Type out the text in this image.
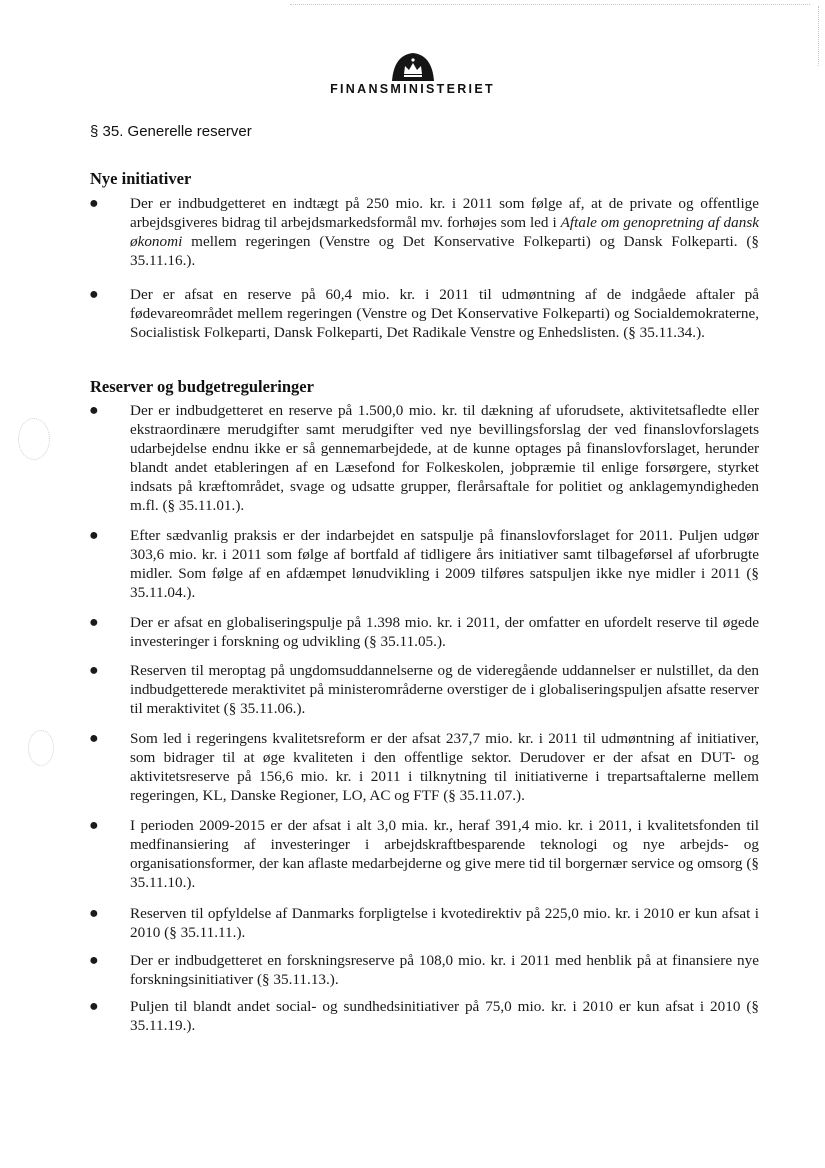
FINANSMINISTERIET
§ 35. Generelle reserver
Nye initiativer
● Der er indbudgetteret en indtægt på 250 mio. kr. i 2011 som følge af, at de private og offentlige arbejdsgiveres bidrag til arbejdsmarkedsformål mv. forhøjes som led i Aftale om genopretning af dansk økonomi mellem regeringen (Venstre og Det Konservative Folkeparti) og Dansk Folkeparti. (§ 35.11.16.).
● Der er afsat en reserve på 60,4 mio. kr. i 2011 til udmøntning af de indgåede aftaler på fødevareområdet mellem regeringen (Venstre og Det Konservative Folkeparti) og Socialdemokraterne, Socialistisk Folkeparti, Dansk Folkeparti, Det Radikale Venstre og Enhedslisten. (§ 35.11.34.).
Reserver og budgetreguleringer
● Der er indbudgetteret en reserve på 1.500,0 mio. kr. til dækning af uforudsete, aktivitetsafledte eller ekstraordinære merudgifter samt merudgifter ved nye bevillingsforslag der ved finanslovforslagets udarbejdelse endnu ikke er så gennemarbejdede, at de kunne optages på finanslovforslaget, herunder blandt andet etableringen af en Læsefond for Folkeskolen, jobpræmie til enlige forsørgere, styrket indsats på kræftområdet, svage og udsatte grupper, flerårsaftale for politiet og anklagemyndigheden m.fl. (§ 35.11.01.).
● Efter sædvanlig praksis er der indarbejdet en satspulje på finanslovforslaget for 2011. Puljen udgør 303,6 mio. kr. i 2011 som følge af bortfald af tidligere års initiativer samt tilbageførsel af uforbrugte midler. Som følge af en afdæmpet lønudvikling i 2009 tilføres satspuljen ikke nye midler i 2011 (§ 35.11.04.).
● Der er afsat en globaliseringspulje på 1.398 mio. kr. i 2011, der omfatter en ufordelt reserve til øgede investeringer i forskning og udvikling (§ 35.11.05.).
● Reserven til meroptag på ungdomsuddannelserne og de videregående uddannelser er nulstillet, da den indbudgetterede meraktivitet på ministerområderne overstiger de i globaliseringspuljen afsatte reserver til meraktivitet (§ 35.11.06.).
● Som led i regeringens kvalitetsreform er der afsat 237,7 mio. kr. i 2011 til udmøntning af initiativer, som bidrager til at øge kvaliteten i den offentlige sektor. Derudover er der afsat en DUT- og aktivitetsreserve på 156,6 mio. kr. i 2011 i tilknytning til initiativerne i trepartsaftalerne mellem regeringen, KL, Danske Regioner, LO, AC og FTF (§ 35.11.07.).
● I perioden 2009-2015 er der afsat i alt 3,0 mia. kr., heraf 391,4 mio. kr. i 2011, i kvalitetsfonden til medfinansiering af investeringer i arbejdskraftbesparende teknologi og nye arbejds- og organisationsformer, der kan aflaste medarbejderne og give mere tid til borgernær service og omsorg (§ 35.11.10.).
● Reserven til opfyldelse af Danmarks forpligtelse i kvotedirektiv på 225,0 mio. kr. i 2010 er kun afsat i 2010 (§ 35.11.11.).
● Der er indbudgetteret en forskningsreserve på 108,0 mio. kr. i 2011 med henblik på at finansiere nye forskningsinitiativer (§ 35.11.13.).
● Puljen til blandt andet social- og sundhedsinitiativer på 75,0 mio. kr. i 2010 er kun afsat i 2010 (§ 35.11.19.).
